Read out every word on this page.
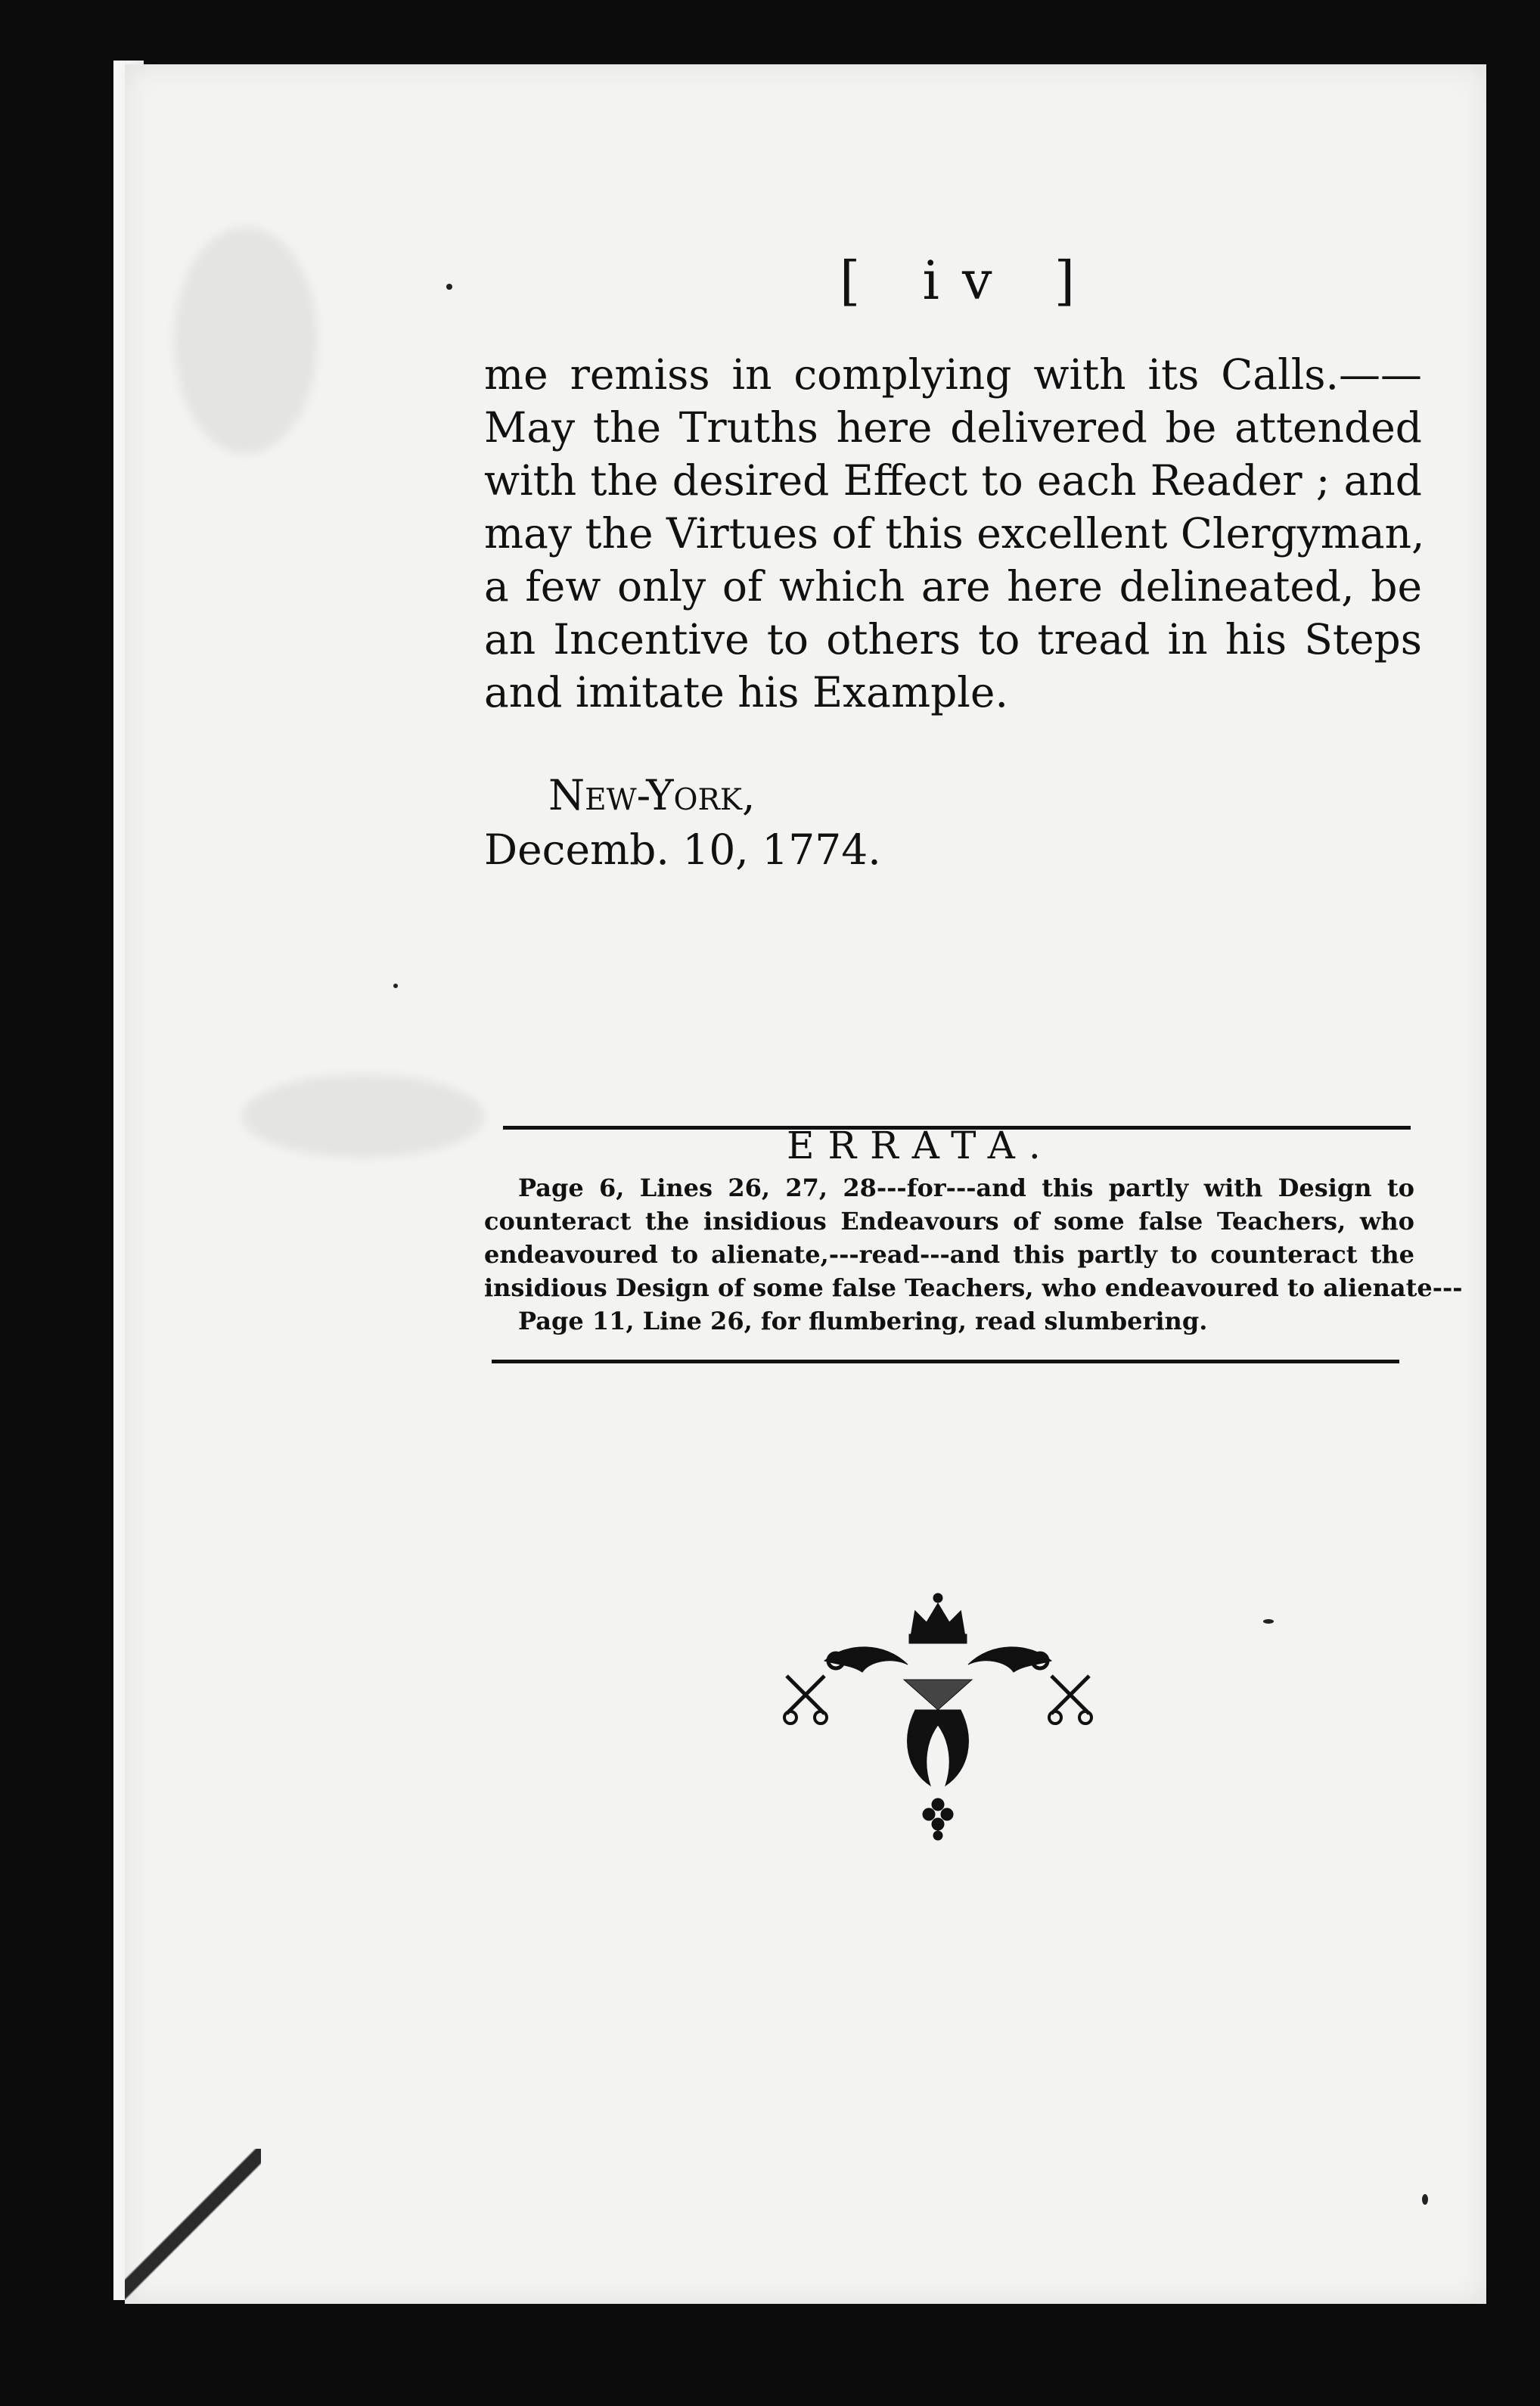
[ iv ]
me remiss in complying with its Calls.——
May the Truths here delivered be attended
with the desired Effect to each Reader ; and
may the Virtues of this excellent Clergyman,
a few only of which are here delineated, be
an Incentive to others to tread in his Steps
and imitate his Example.
New-York,
Decemb. 10, 1774.
ERRATA.
Page 6, Lines 26, 27, 28---for---and this partly with Design to
counteract the insidious Endeavours of some false Teachers, who
endeavoured to alienate,---read---and this partly to counteract the
insidious Design of some false Teachers, who endeavoured to alienate---
Page 11, Line 26, for flumbering, read slumbering.
